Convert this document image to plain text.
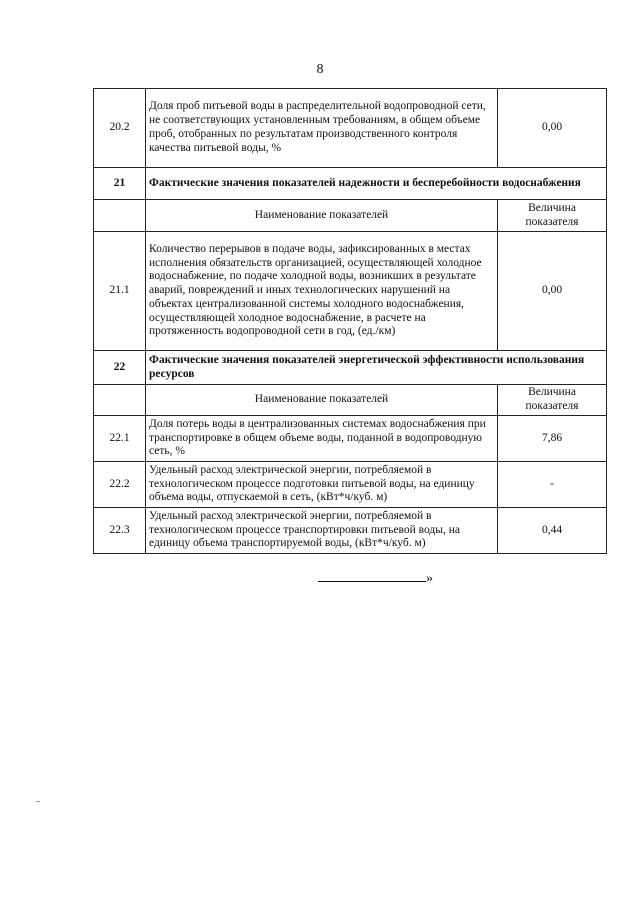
8
20.2	Доля проб питьевой воды в распределительной водопроводной сети, не соответствующих установленным требованиям, в общем объеме проб, отобранных по результатам производственного контроля качества питьевой воды, %	0,00
21	Фактические значения показателей надежности и бесперебойности водоснабжения	
	Наименование показателей	Величина показателя
21.1	Количество перерывов в подаче воды, зафиксированных в местах исполнения обязательств организацией, осуществляющей холодное водоснабжение, по подаче холодной воды, возникших в результате аварий, повреждений и иных технологических нарушений на объектах централизованной системы холодного водоснабжения, осуществляющей холодное водоснабжение, в расчете на протяженность водопроводной сети в год, (ед./км)	0,00
22	Фактические значения показателей энергетической эффективности использования ресурсов	
	Наименование показателей	Величина показателя
22.1	Доля потерь воды в централизованных системах водоснабжения при транспортировке в общем объеме воды, поданной в водопроводную сеть, %	7,86
22.2	Удельный расход электрической энергии, потребляемой в технологическом процессе подготовки питьевой воды, на единицу объема воды, отпускаемой в сеть, (кВт*ч/куб. м)	-
22.3	Удельный расход электрической энергии, потребляемой в технологическом процессе транспортировки питьевой воды, на единицу объема транспортируемой воды, (кВт*ч/куб. м)	0,44
»
